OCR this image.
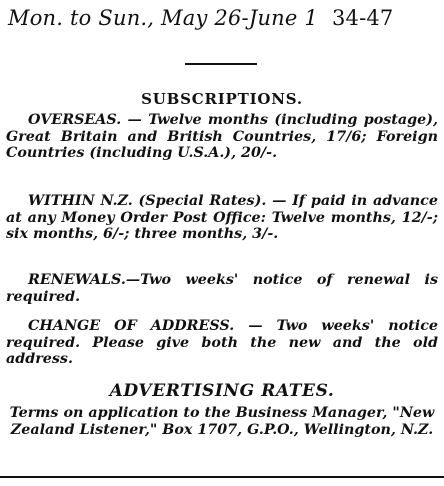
Mon. to Sun., May 26-June 1 34-47
SUBSCRIPTIONS.
OVERSEAS. — Twelve months (including postage), Great Britain and British Countries, 17/6; Foreign Countries (including U.S.A.), 20/-.
WITHIN N.Z. (Special Rates). — If paid in advance at any Money Order Post Office: Twelve months, 12/-; six months, 6/-; three months, 3/-.
RENEWALS.—Two weeks' notice of renewal is required.
CHANGE OF ADDRESS. — Two weeks' notice required. Please give both the new and the old address.
ADVERTISING RATES.
Terms on application to the Business Manager, "New Zealand Listener," Box 1707, G.P.O., Wellington, N.Z.
